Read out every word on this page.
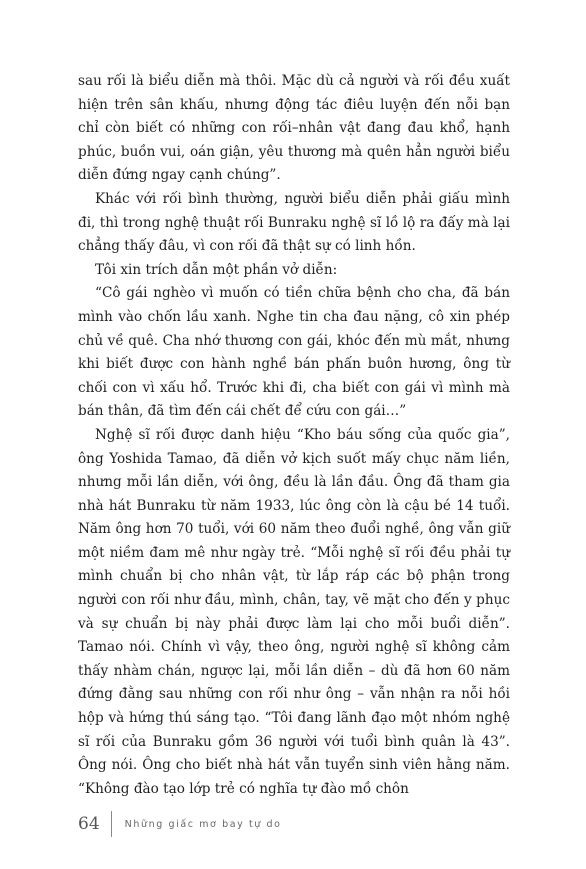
sau rối là biểu diễn mà thôi. Mặc dù cả người và rối đều xuất hiện trên sân khấu, nhưng động tác điêu luyện đến nỗi bạn chỉ còn biết có những con rối–nhân vật đang đau khổ, hạnh phúc, buồn vui, oán giận, yêu thương mà quên hẳn người biểu diễn đứng ngay cạnh chúng”.

Khác với rối bình thường, người biểu diễn phải giấu mình đi, thì trong nghệ thuật rối Bunraku nghệ sĩ lồ lộ ra đấy mà lại chẳng thấy đâu, vì con rối đã thật sự có linh hồn.

Tôi xin trích dẫn một phần vở diễn:

“Cô gái nghèo vì muốn có tiền chữa bệnh cho cha, đã bán mình vào chốn lầu xanh. Nghe tin cha đau nặng, cô xin phép chủ về quê. Cha nhớ thương con gái, khóc đến mù mắt, nhưng khi biết được con hành nghề bán phấn buôn hương, ông từ chối con vì xấu hổ. Trước khi đi, cha biết con gái vì mình mà bán thân, đã tìm đến cái chết để cứu con gái…”

Nghệ sĩ rối được danh hiệu “Kho báu sống của quốc gia”, ông Yoshida Tamao, đã diễn vở kịch suốt mấy chục năm liền, nhưng mỗi lần diễn, với ông, đều là lần đầu. Ông đã tham gia nhà hát Bunraku từ năm 1933, lúc ông còn là cậu bé 14 tuổi. Năm ông hơn 70 tuổi, với 60 năm theo đuổi nghề, ông vẫn giữ một niềm đam mê như ngày trẻ. “Mỗi nghệ sĩ rối đều phải tự mình chuẩn bị cho nhân vật, từ lắp ráp các bộ phận trong người con rối như đầu, mình, chân, tay, vẽ mặt cho đến y phục và sự chuẩn bị này phải được làm lại cho mỗi buổi diễn”. Tamao nói. Chính vì vậy, theo ông, người nghệ sĩ không cảm thấy nhàm chán, ngược lại, mỗi lần diễn – dù đã hơn 60 năm đứng đằng sau những con rối như ông – vẫn nhận ra nỗi hồi hộp và hứng thú sáng tạo. “Tôi đang lãnh đạo một nhóm nghệ sĩ rối của Bunraku gồm 36 người với tuổi bình quân là 43”. Ông nói. Ông cho biết nhà hát vẫn tuyển sinh viên hằng năm. “Không đào tạo lớp trẻ có nghĩa tự đào mồ chôn

64	Những giấc mơ bay tự do
